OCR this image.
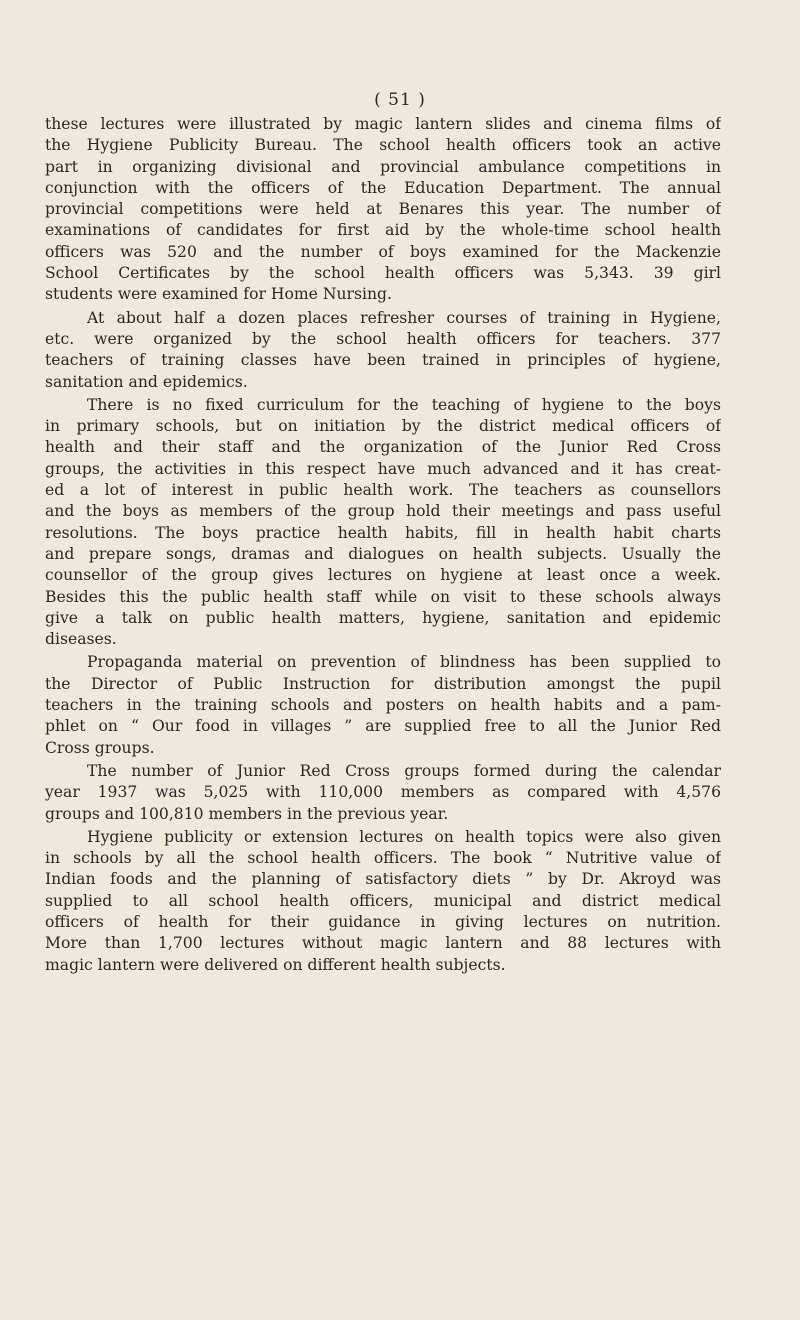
( 51 )
these lectures were illustrated by magic lantern slides and cinema films of
the Hygiene Publicity Bureau. The school health officers took an active
part in organizing divisional and provincial ambulance competitions in
conjunction with the officers of the Education Department. The annual
provincial competitions were held at Benares this year. The number of
examinations of candidates for first aid by the whole-time school health
officers was 520 and the number of boys examined for the Mackenzie
School Certificates by the school health officers was 5,343. 39 girl
students were examined for Home Nursing.
At about half a dozen places refresher courses of training in Hygiene,
etc. were organized by the school health officers for teachers. 377
teachers of training classes have been trained in principles of hygiene,
sanitation and epidemics.
There is no fixed curriculum for the teaching of hygiene to the boys
in primary schools, but on initiation by the district medical officers of
health and their staff and the organization of the Junior Red Cross
groups, the activities in this respect have much advanced and it has creat-
ed a lot of interest in public health work. The teachers as counsellors
and the boys as members of the group hold their meetings and pass useful
resolutions. The boys practice health habits, fill in health habit charts
and prepare songs, dramas and dialogues on health subjects. Usually the
counsellor of the group gives lectures on hygiene at least once a week.
Besides this the public health staff while on visit to these schools always
give a talk on public health matters, hygiene, sanitation and epidemic
diseases.
Propaganda material on prevention of blindness has been supplied to
the Director of Public Instruction for distribution amongst the pupil
teachers in the training schools and posters on health habits and a pam-
phlet on “ Our food in villages ” are supplied free to all the Junior Red
Cross groups.
The number of Junior Red Cross groups formed during the calendar
year 1937 was 5,025 with 110,000 members as compared with 4,576
groups and 100,810 members in the previous year.
Hygiene publicity or extension lectures on health topics were also given
in schools by all the school health officers. The book “ Nutritive value of
Indian foods and the planning of satisfactory diets ” by Dr. Akroyd was
supplied to all school health officers, municipal and district medical
officers of health for their guidance in giving lectures on nutrition.
More than 1,700 lectures without magic lantern and 88 lectures with
magic lantern were delivered on different health subjects.
